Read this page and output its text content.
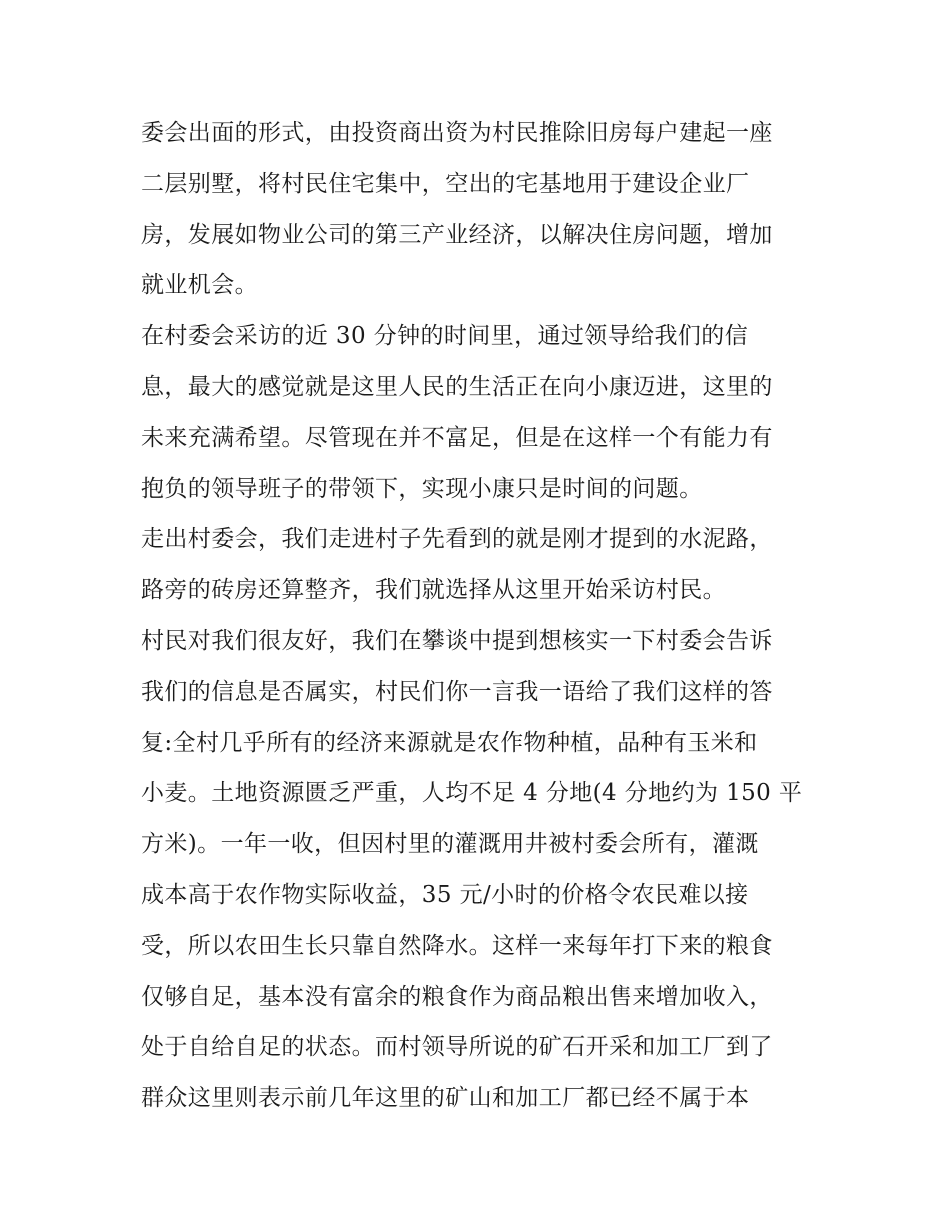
委会出面的形式，由投资商出资为村民推除旧房每户建起一座
二层别墅，将村民住宅集中，空出的宅基地用于建设企业厂
房，发展如物业公司的第三产业经济，以解决住房问题，增加
就业机会。
在村委会采访的近 30 分钟的时间里，通过领导给我们的信
息，最大的感觉就是这里人民的生活正在向小康迈进，这里的
未来充满希望。尽管现在并不富足，但是在这样一个有能力有
抱负的领导班子的带领下，实现小康只是时间的问题。
走出村委会，我们走进村子先看到的就是刚才提到的水泥路，
路旁的砖房还算整齐，我们就选择从这里开始采访村民。
村民对我们很友好，我们在攀谈中提到想核实一下村委会告诉
我们的信息是否属实，村民们你一言我一语给了我们这样的答
复:全村几乎所有的经济来源就是农作物种植，品种有玉米和
小麦。土地资源匮乏严重，人均不足 4 分地(4 分地约为 150 平
方米)。一年一收，但因村里的灌溉用井被村委会所有，灌溉
成本高于农作物实际收益，35 元/小时的价格令农民难以接
受，所以农田生长只靠自然降水。这样一来每年打下来的粮食
仅够自足，基本没有富余的粮食作为商品粮出售来增加收入，
处于自给自足的状态。而村领导所说的矿石开采和加工厂到了
群众这里则表示前几年这里的矿山和加工厂都已经不属于本
